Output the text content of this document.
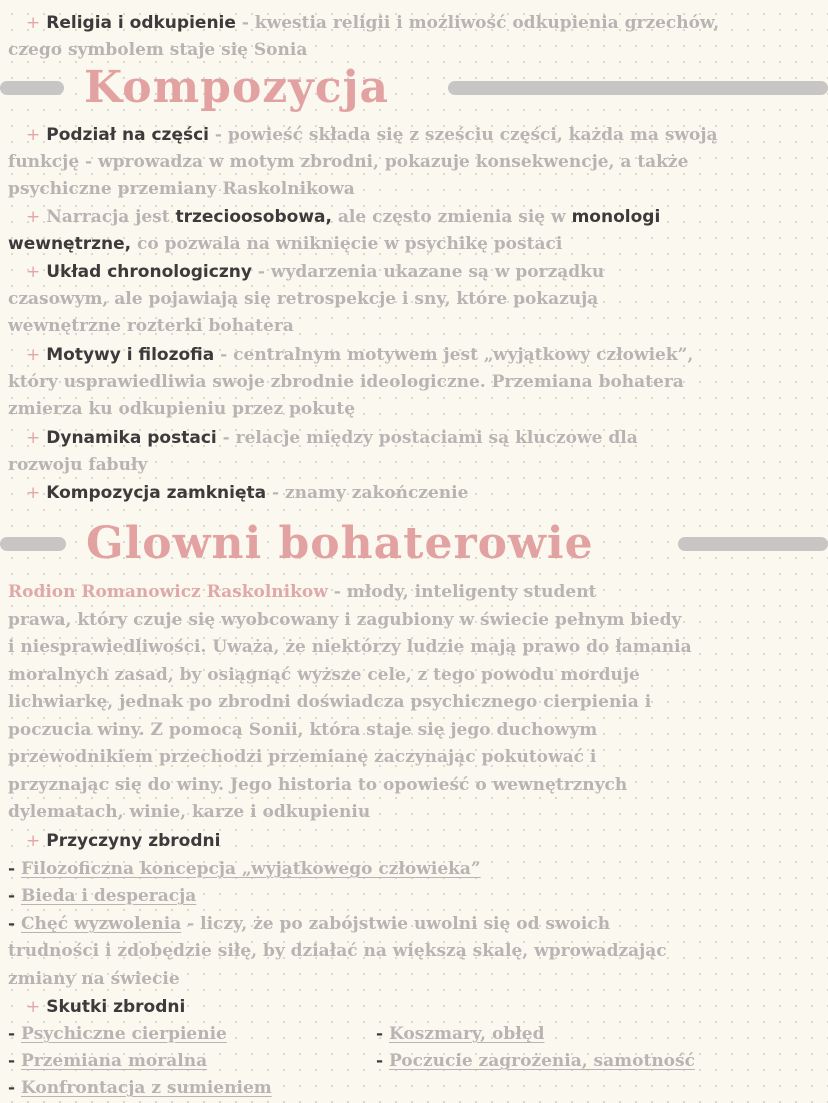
+ Religia i odkupienie - kwestia religii i możliwość odkupienia grzechów,
czego symbolem staje się Sonia
Kompozycja
+ Podział na części - powieść składa się z sześciu części, każda ma swoją
funkcję - wprowadza w motym zbrodni, pokazuje konsekwencje, a także
psychiczne przemiany Raskolnikowa
+ Narracja jest trzecioosobowa, ale często zmienia się w monologi
wewnętrzne, co pozwala na wniknięcie w psychikę postaci
+ Układ chronologiczny - wydarzenia ukazane są w porządku
czasowym, ale pojawiają się retrospekcje i sny, które pokazują
wewnętrzne rozterki bohatera
+ Motywy i filozofia - centralnym motywem jest „wyjątkowy człowiek”,
który usprawiedliwia swoje zbrodnie ideologiczne. Przemiana bohatera
zmierza ku odkupieniu przez pokutę
+ Dynamika postaci - relacje między postaciami są kluczowe dla
rozwoju fabuły
+ Kompozycja zamknięta - znamy zakończenie
Glowni bohaterowie
Rodion Romanowicz Raskolnikow - młody, inteligenty student
prawa, który czuje się wyobcowany i zagubiony w świecie pełnym biedy
i niesprawiedliwości. Uważa, że niektórzy ludzie mają prawo do łamania
moralnych zasad, by osiągnąć wyższe cele, z tego powodu morduje
lichwiarkę, jednak po zbrodni doświadcza psychicznego cierpienia i
poczucia winy. Z pomocą Sonii, która staje się jego duchowym
przewodnikiem przechodzi przemianę zaczynając pokutować i
przyznając się do winy. Jego historia to opowieść o wewnętrznych
dylematach, winie, karze i odkupieniu
+ Przyczyny zbrodni
- Filozoficzna koncepcja „wyjątkowego człowieka”
- Bieda i desperacja
- Chęć wyzwolenia - liczy, że po zabójstwie uwolni się od swoich
trudności i zdobędzie siłę, by działać na większą skalę, wprowadzając
zmiany na świecie
+ Skutki zbrodni
- Psychiczne cierpienie	- Koszmary, obłęd
- Przemiana moralna	- Poczucie zagrożenia, samotność
- Konfrontacja z sumieniem
